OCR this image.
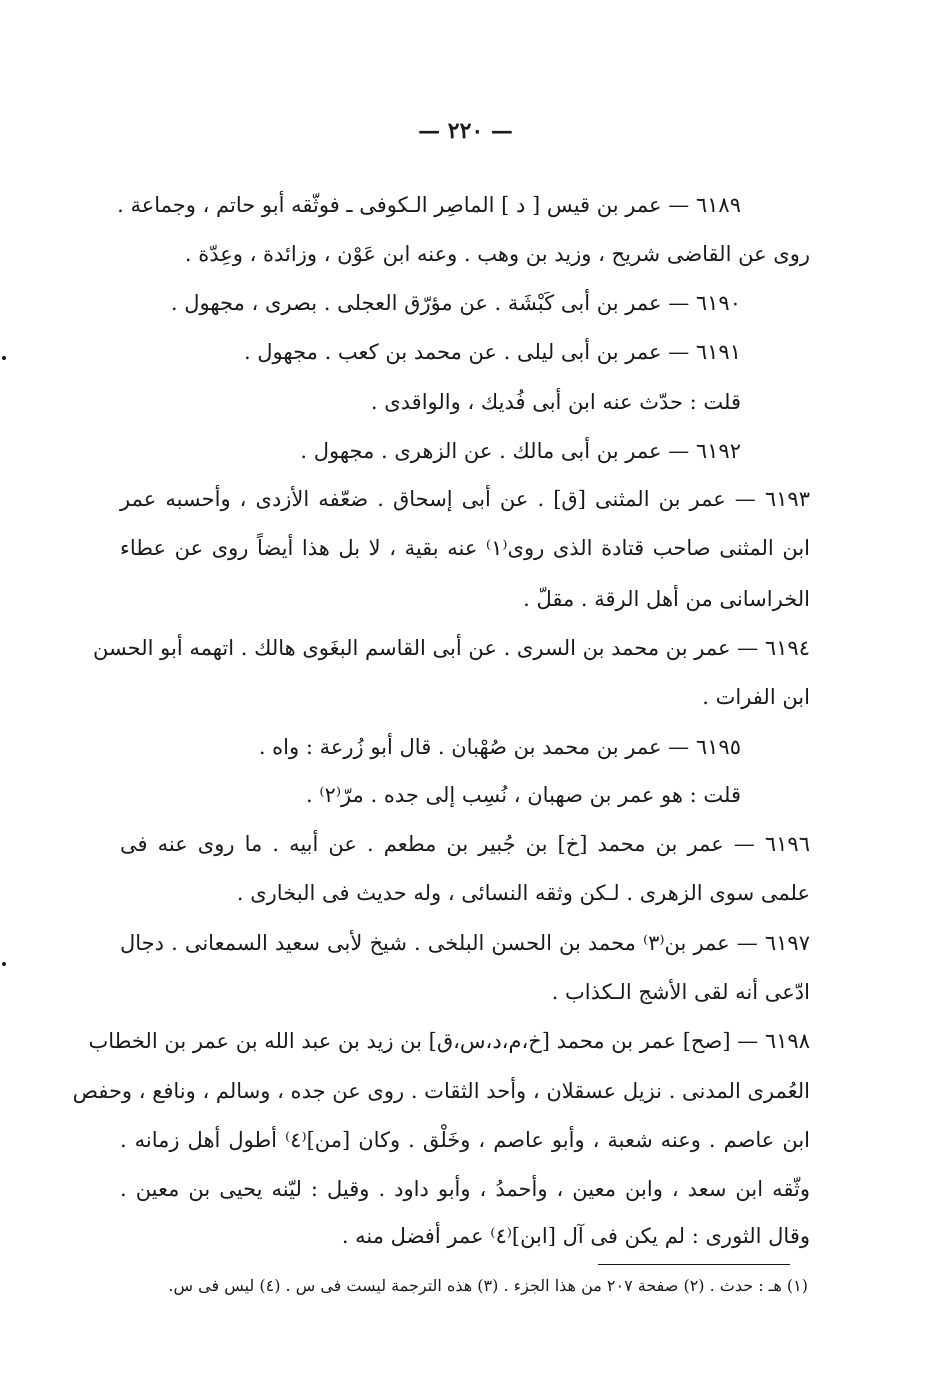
— ٢٢٠ —
٦١٨٩ — عمر بن قيس [ د ] الماصِر الـكوفى ـ فوثّقه أبو حاتم ، وجماعة .
روى عن القاضى شريح ، وزيد بن وهب . وعنه ابن عَوْن ، وزائدة ، وعِدّة .
٦١٩٠ — عمر بن أبى كَبْشَة . عن مؤرّق العجلى . بصرى ، مجهول .
٦١٩١ — عمر بن أبى ليلى . عن محمد بن كعب . مجهول .
قلت : حدّث عنه ابن أبى فُديك ، والواقدى .
٦١٩٢ — عمر بن أبى مالك . عن الزهرى . مجهول .
٦١٩٣ — عمر بن المثنى [ق] . عن أبى إسحاق . ضعّفه الأزدى ، وأحسبه عمر
ابن المثنى صاحب قتادة الذى روى⁽١⁾ عنه بقية ، لا بل هذا أيضاً روى عن عطاء
الخراسانى من أهل الرقة . مقلّ .
٦١٩٤ — عمر بن محمد بن السرى . عن أبى القاسم البغَوى هالك . اتهمه أبو الحسن
ابن الفرات .
٦١٩٥ — عمر بن محمد بن صُهْبان . قال أبو زُرعة : واه .
قلت : هو عمر بن صهبان ، نُسِب إلى جده . مرّ⁽٢⁾ .
٦١٩٦ — عمر بن محمد [خ] بن جُبير بن مطعم . عن أبيه . ما روى عنه فى
علمى سوى الزهرى . لـكن وثقه النسائى ، وله حديث فى البخارى .
٦١٩٧ — عمر بن⁽٣⁾ محمد بن الحسن البلخى . شيخ لأبى سعيد السمعانى . دجال
ادّعى أنه لقى الأشج الـكذاب .
٦١٩٨ — [صح] عمر بن محمد [خ،م،د،س،ق] بن زيد بن عبد الله بن عمر بن الخطاب
العُمرى المدنى . نزيل عسقلان ، وأحد الثقات . روى عن جده ، وسالم ، ونافع ، وحفص
ابن عاصم . وعنه شعبة ، وأبو عاصم ، وخَلْق . وكان [من]⁽٤⁾ أطول أهل زمانه .
وثّقه ابن سعد ، وابن معين ، وأحمدُ ، وأبو داود . وقيل : ليّنه يحيى بن معين .
وقال الثورى : لم يكن فى آل [ابن]⁽٤⁾ عمر أفضل منه .
(١) هـ : حدث . (٢) صفحة ٢٠٧ من هذا الجزء . (٣) هذه الترجمة ليست فى س . (٤) ليس فى س.
